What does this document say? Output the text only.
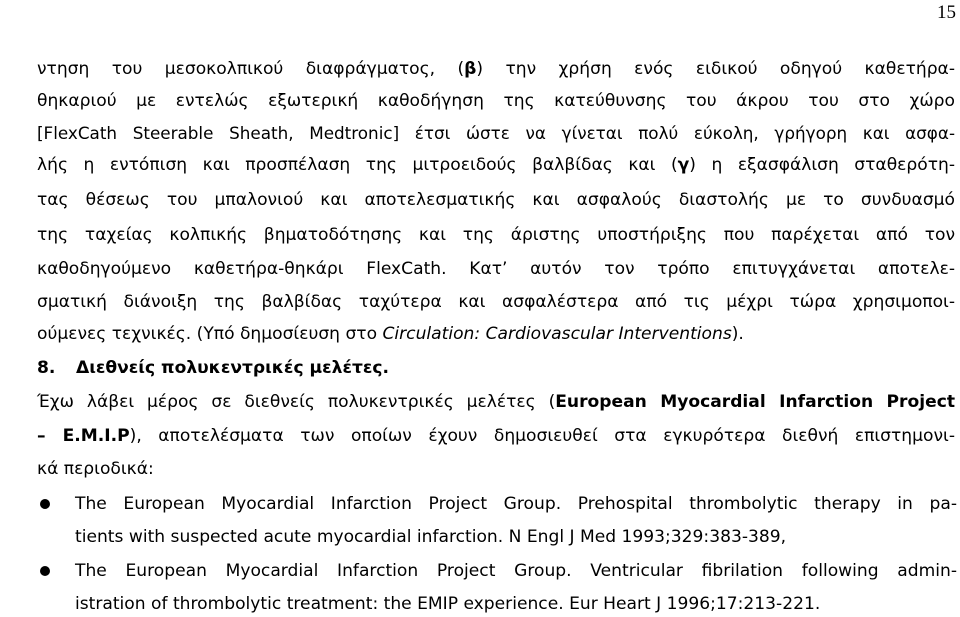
15
ντηση του μεσοκολπικού διαφράγματος, (β) την χρήση ενός ειδικού οδηγού καθετήρα-
θηκαριού με εντελώς εξωτερική καθοδήγηση της κατεύθυνσης του άκρου του στο χώρο
[FlexCath Steerable Sheath, Medtronic] έτσι ώστε να γίνεται πολύ εύκολη, γρήγορη και ασφα-
λής η εντόπιση και προσπέλαση της μιτροειδούς βαλβίδας και (γ) η εξασφάλιση σταθερότη-
τας θέσεως του μπαλονιού και αποτελεσματικής και ασφαλούς διαστολής με το συνδυασμό
της ταχείας κολπικής βηματοδότησης και της άριστης υποστήριξης που παρέχεται από τον
καθοδηγούμενο καθετήρα-θηκάρι FlexCath. Κατ’ αυτόν τον τρόπο επιτυγχάνεται αποτελε-
σματική διάνοιξη της βαλβίδας ταχύτερα και ασφαλέστερα από τις μέχρι τώρα χρησιμοποι-
ούμενες τεχνικές. (Υπό δημοσίευση στο Circulation: Cardiovascular Interventions).
8. Διεθνείς πολυκεντρικές μελέτες.
Έχω λάβει μέρος σε διεθνείς πολυκεντρικές μελέτες (European Myocardial Infarction Project
– E.M.I.P), αποτελέσματα των οποίων έχουν δημοσιευθεί στα εγκυρότερα διεθνή επιστημονι-
κά περιοδικά:
The European Myocardial Infarction Project Group. Prehospital thrombolytic therapy in pa-
tients with suspected acute myocardial infarction. N Engl J Med 1993;329:383-389,
The European Myocardial Infarction Project Group. Ventricular fibrilation following admin-
istration of thrombolytic treatment: the EMIP experience. Eur Heart J 1996;17:213-221.
